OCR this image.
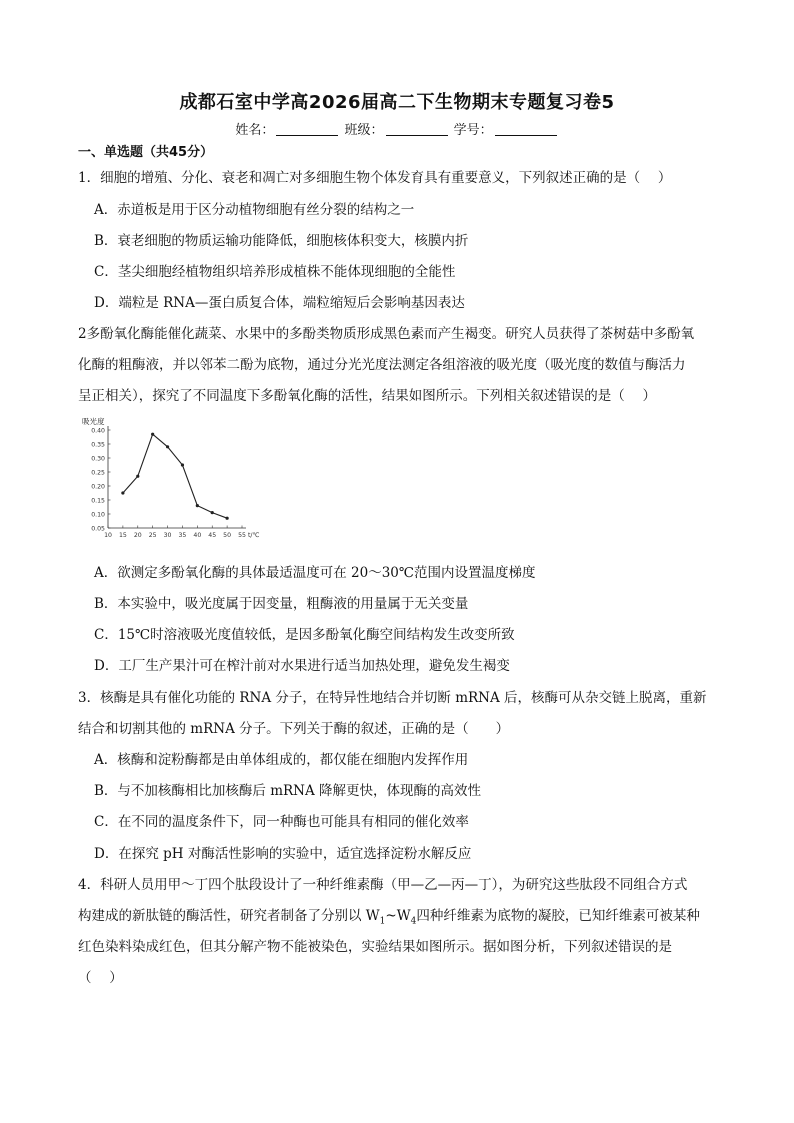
成都石室中学高2026届高二下生物期末专题复习卷5
姓名：	班级：	学号：
一、单选题（共45分）
1．细胞的增殖、分化、衰老和凋亡对多细胞生物个体发育具有重要意义，下列叙述正确的是（　 ）
A．赤道板是用于区分动植物细胞有丝分裂的结构之一
B．衰老细胞的物质运输功能降低，细胞核体积变大，核膜内折
C．茎尖细胞经植物组织培养形成植株不能体现细胞的全能性
D．端粒是 RNA—蛋白质复合体，端粒缩短后会影响基因表达
2多酚氧化酶能催化蔬菜、水果中的多酚类物质形成黑色素而产生褐变。研究人员获得了茶树菇中多酚氧
化酶的粗酶液，并以邻苯二酚为底物，通过分光光度法测定各组溶液的吸光度（吸光度的数值与酶活力
呈正相关），探究了不同温度下多酚氧化酶的活性，结果如图所示。下列相关叙述错误的是（　 ）
吸光度
0.40
0.35
0.30
0.25
0.20
0.15
0.10
0.05
10 15 20 25 30 35 40 45 50 55 t/℃
A．欲测定多酚氧化酶的具体最适温度可在 20～30℃范围内设置温度梯度
B．本实验中，吸光度属于因变量，粗酶液的用量属于无关变量
C．15℃时溶液吸光度值较低，是因多酚氧化酶空间结构发生改变所致
D．工厂生产果汁可在榨汁前对水果进行适当加热处理，避免发生褐变
3．核酶是具有催化功能的 RNA 分子，在特异性地结合并切断 mRNA 后，核酶可从杂交链上脱离，重新
结合和切割其他的 mRNA 分子。下列关于酶的叙述，正确的是（　　）
A．核酶和淀粉酶都是由单体组成的，都仅能在细胞内发挥作用
B．与不加核酶相比加核酶后 mRNA 降解更快，体现酶的高效性
C．在不同的温度条件下，同一种酶也可能具有相同的催化效率
D．在探究 pH 对酶活性影响的实验中，适宜选择淀粉水解反应
4．科研人员用甲～丁四个肽段设计了一种纤维素酶（甲—乙—丙—丁），为研究这些肽段不同组合方式
构建成的新肽链的酶活性，研究者制备了分别以 $W_1\sim W_4$四种纤维素为底物的凝胶，已知纤维素可被某种
红色染料染成红色，但其分解产物不能被染色，实验结果如图所示。据如图分析，下列叙述错误的是
（　 ）
